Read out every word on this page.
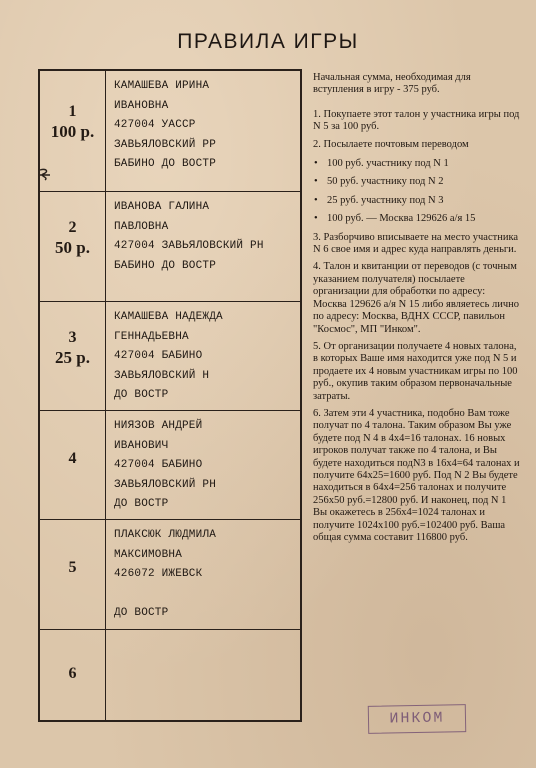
ПРАВИЛА ИГРЫ
1
100 р.
КАМАШЕВА ИРИНА
ИВАНОВНА
427004 УАССР
ЗАВЬЯЛОВСКИЙ РР
БАБИНО ДО ВОСТР
2
50 р.
ИВАНОВА ГАЛИНА
ПАВЛОВНА
427004 ЗАВЬЯЛОВСКИЙ РН
БАБИНО ДО ВОСТР
3
25 р.
КАМАШЕВА НАДЕЖДА
ГЕННАДЬЕВНА
427004 БАБИНО
ЗАВЬЯЛОВСКИЙ Н
ДО ВОСТР
4
НИЯЗОВ АНДРЕЙ
ИВАНОВИЧ
427004 БАБИНО
ЗАВЬЯЛОВСКИЙ РН
ДО ВОСТР
5
ПЛАКСЮК ЛЮДМИЛА
МАКСИМОВНА
426072 ИЖЕВСК
ДО ВОСТР
6

Начальная сумма, необходимая для вступления в игру - 375 руб.

1. Покупаете этот талон у участника игры под N 5 за 100 руб.

2. Посылаете почтовым переводом

• 100 руб. участнику под N 1
• 50 руб. участнику под N 2
• 25 руб. участнику под N 3
• 100 руб. — Москва 129626 а/я 15

3. Разборчиво вписываете на место участника N 6 свое имя и адрес куда направлять деньги.

4. Талон и квитанции от переводов (с точным указанием получателя) посылаете организации для обработки по адресу: Москва 129626 а/я N 15 либо являетесь лично по адресу: Москва, ВДНХ СССР, павильон "Космос", МП "Инком".

5. От организации получаете 4 новых талона, в которых Ваше имя находится уже под N 5 и продаете их 4 новым участникам игры по 100 руб., окупив таким образом первоначальные затраты.

6. Затем эти 4 участника, подобно Вам тоже получат по 4 талона. Таким образом Вы уже будете под N 4 в 4х4=16 талонах. 16 новых игроков получат также по 4 талона, и Вы будете находиться подN3 в 16х4=64 талонах и получите 64х25=1600 руб. Под N 2 Вы будете находиться в 64х4=256 талонах и получите 256х50 руб.=12800 руб. И наконец, под N 1 Вы окажетесь в 256х4=1024 талонах и получите 1024х100 руб.=102400 руб. Ваша общая сумма составит 116800 руб.

ИНКОМ
